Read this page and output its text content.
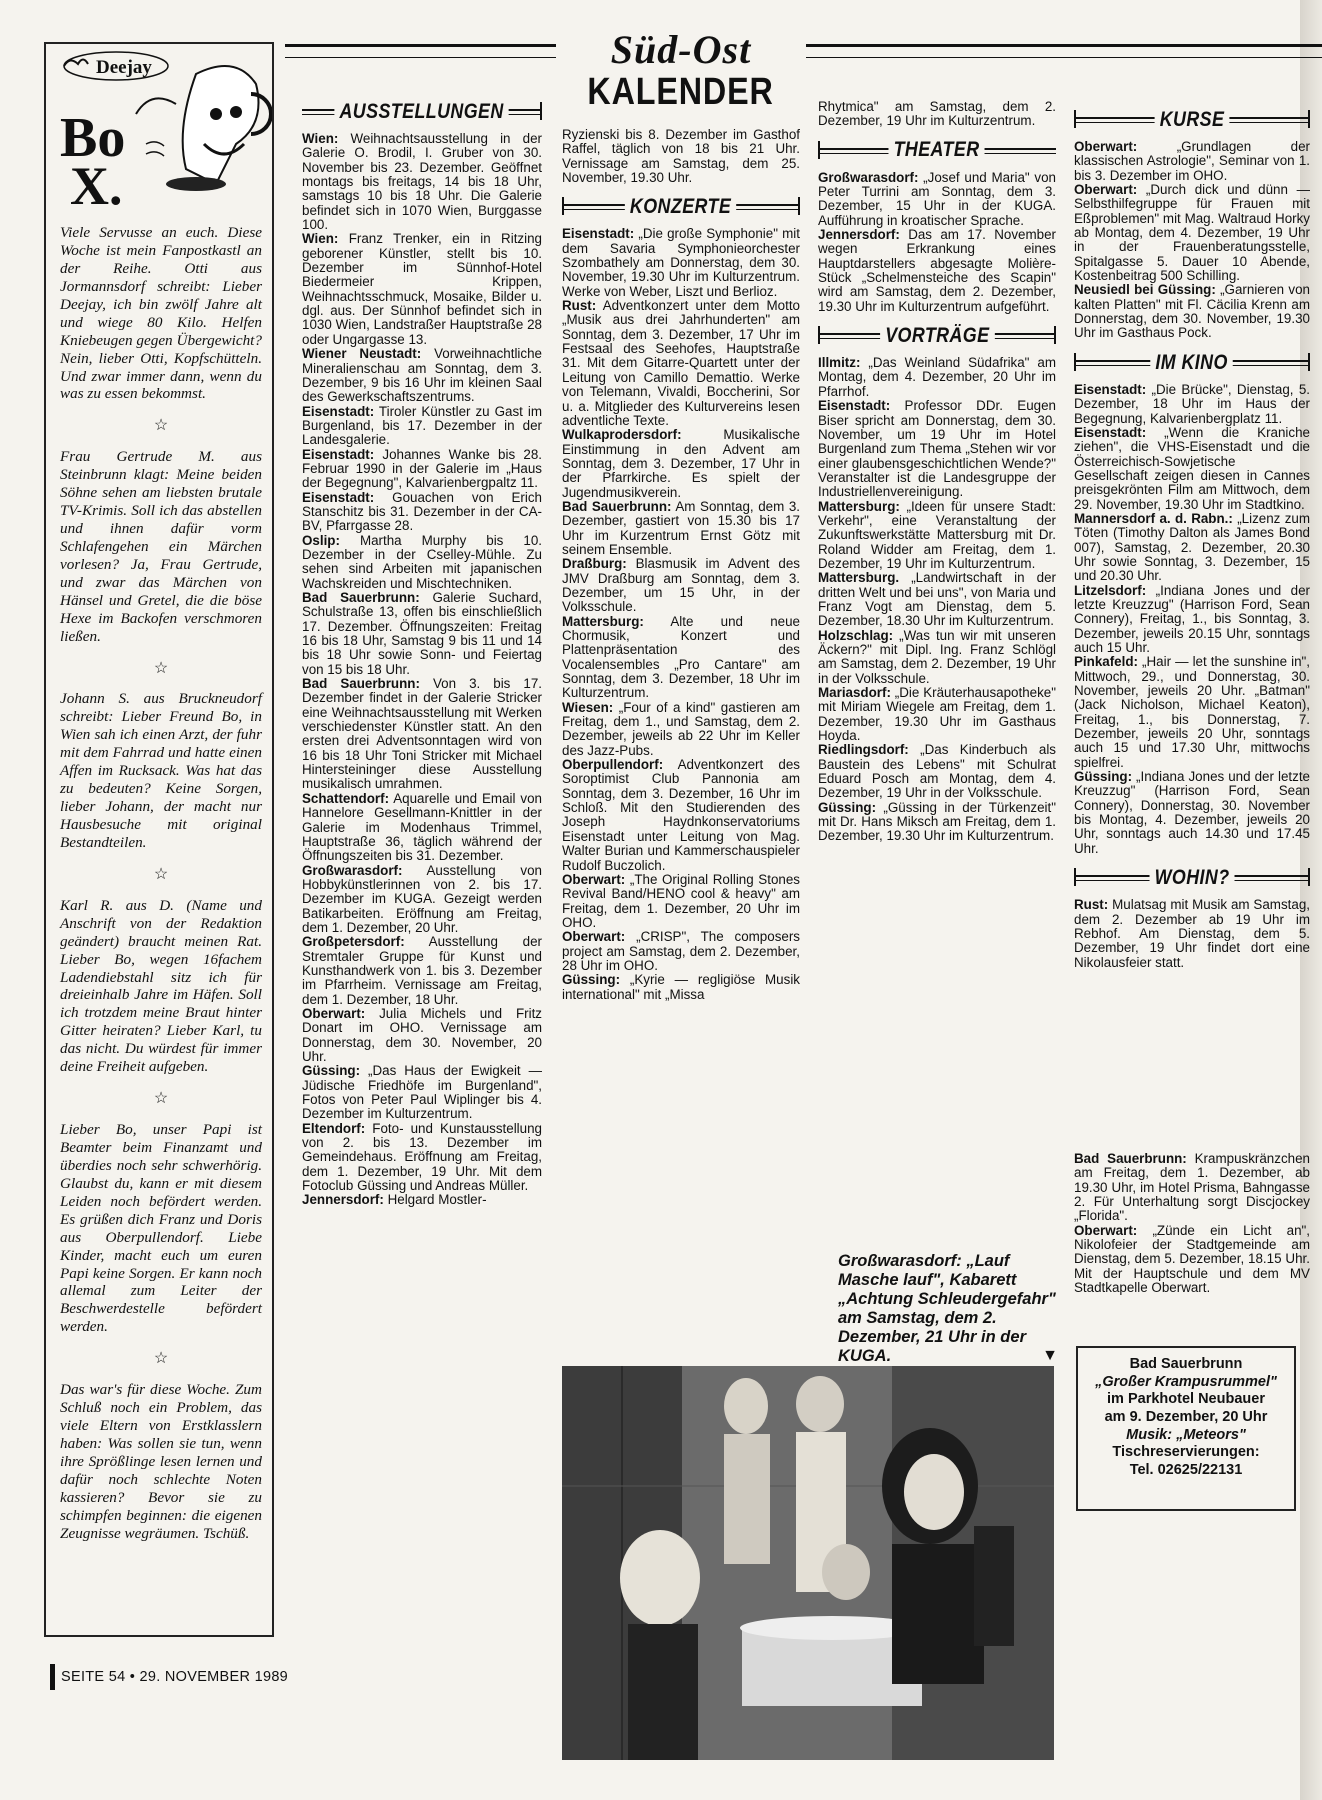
Deejay
Bo
X.

Viele Servusse an euch. Diese Woche ist mein Fanpostkastl an der Reihe. Otti aus Jormannsdorf schreibt: Lieber Deejay, ich bin zwölf Jahre alt und wiege 80 Kilo. Helfen Kniebeugen gegen Übergewicht? Nein, lieber Otti, Kopfschütteln. Und zwar immer dann, wenn du was zu essen bekommst.

☆

Frau Gertrude M. aus Steinbrunn klagt: Meine beiden Söhne sehen am liebsten brutale TV-Krimis. Soll ich das abstellen und ihnen dafür vorm Schlafengehen ein Märchen vorlesen? Ja, Frau Gertrude, und zwar das Märchen von Hänsel und Gretel, die die böse Hexe im Backofen verschmoren ließen.

☆

Johann S. aus Bruckneudorf schreibt: Lieber Freund Bo, in Wien sah ich einen Arzt, der fuhr mit dem Fahrrad und hatte einen Affen im Rucksack. Was hat das zu bedeuten? Keine Sorgen, lieber Johann, der macht nur Hausbesuche mit original Bestandteilen.

☆

Karl R. aus D. (Name und Anschrift von der Redaktion geändert) braucht meinen Rat. Lieber Bo, wegen 16fachem Ladendiebstahl sitz ich für dreieinhalb Jahre im Häfen. Soll ich trotzdem meine Braut hinter Gitter heiraten? Lieber Karl, tu das nicht. Du würdest für immer deine Freiheit aufgeben.

☆

Lieber Bo, unser Papi ist Beamter beim Finanzamt und überdies noch sehr schwerhörig. Glaubst du, kann er mit diesem Leiden noch befördert werden. Es grüßen dich Franz und Doris aus Oberpullendorf. Liebe Kinder, macht euch um euren Papi keine Sorgen. Er kann noch allemal zum Leiter der Beschwerdestelle befördert werden.

☆

Das war's für diese Woche. Zum Schluß noch ein Problem, das viele Eltern von Erstklasslern haben: Was sollen sie tun, wenn ihre Sprößlinge lesen lernen und dafür noch schlechte Noten kassieren? Bevor sie zu schimpfen beginnen: die eigenen Zeugnisse wegräumen. Tschüß.

SEITE 54 • 29. NOVEMBER 1989
Süd-Ost
KALENDER
AUSSTELLUNGEN

Wien: Weihnachtsausstellung in der Galerie O. Brodil, I. Gruber von 30. November bis 23. Dezember. Geöffnet montags bis freitags, 14 bis 18 Uhr, samstags 10 bis 18 Uhr. Die Galerie befindet sich in 1070 Wien, Burggasse 100.

Wien: Franz Trenker, ein in Ritzing geborener Künstler, stellt bis 10. Dezember im Sünnhof-Hotel Biedermeier Krippen, Weihnachtsschmuck, Mosaike, Bilder u. dgl. aus. Der Sünnhof befindet sich in 1030 Wien, Landstraßer Hauptstraße 28 oder Ungargasse 13.

Wiener Neustadt: Vorweihnachtliche Mineralienschau am Sonntag, dem 3. Dezember, 9 bis 16 Uhr im kleinen Saal des Gewerkschaftszentrums.

Eisenstadt: Tiroler Künstler zu Gast im Burgenland, bis 17. Dezember in der Landesgalerie.

Eisenstadt: Johannes Wanke bis 28. Februar 1990 in der Galerie im „Haus der Begegnung", Kalvarienbergpaltz 11.

Eisenstadt: Gouachen von Erich Stanschitz bis 31. Dezember in der CA-BV, Pfarrgasse 28.

Oslip: Martha Murphy bis 10. Dezember in der Cselley-Mühle. Zu sehen sind Arbeiten mit japanischen Wachskreiden und Mischtechniken.

Bad Sauerbrunn: Galerie Suchard, Schulstraße 13, offen bis einschließlich 17. Dezember. Öffnungszeiten: Freitag 16 bis 18 Uhr, Samstag 9 bis 11 und 14 bis 18 Uhr sowie Sonn- und Feiertag von 15 bis 18 Uhr.

Bad Sauerbrunn: Von 3. bis 17. Dezember findet in der Galerie Stricker eine Weihnachtsausstellung mit Werken verschiedenster Künstler statt. An den ersten drei Adventsonntagen wird von 16 bis 18 Uhr Toni Stricker mit Michael Hintersteininger diese Ausstellung musikalisch umrahmen.

Schattendorf: Aquarelle und Email von Hannelore Gesellmann-Knittler in der Galerie im Modenhaus Trimmel, Hauptstraße 36, täglich während der Öffnungszeiten bis 31. Dezember.

Großwarasdorf: Ausstellung von Hobbykünstlerinnen von 2. bis 17. Dezember im KUGA. Gezeigt werden Batikarbeiten. Eröffnung am Freitag, dem 1. Dezember, 20 Uhr.

Großpetersdorf: Ausstellung der Stremtaler Gruppe für Kunst und Kunsthandwerk von 1. bis 3. Dezember im Pfarrheim. Vernissage am Freitag, dem 1. Dezember, 18 Uhr.

Oberwart: Julia Michels und Fritz Donart im OHO. Vernissage am Donnerstag, dem 30. November, 20 Uhr.

Güssing: „Das Haus der Ewigkeit — Jüdische Friedhöfe im Burgenland", Fotos von Peter Paul Wiplinger bis 4. Dezember im Kulturzentrum.

Eltendorf: Foto- und Kunstausstellung von 2. bis 13. Dezember im Gemeindehaus. Eröffnung am Freitag, dem 1. Dezember, 19 Uhr. Mit dem Fotoclub Güssing und Andreas Müller.

Jennersdorf: Helgard Mostler-

Ryzienski bis 8. Dezember im Gasthof Raffel, täglich von 18 bis 21 Uhr. Vernissage am Samstag, dem 25. November, 19.30 Uhr.

KONZERTE

Eisenstadt: „Die große Symphonie" mit dem Savaria Symphonieorchester Szombathely am Donnerstag, dem 30. November, 19.30 Uhr im Kulturzentrum. Werke von Weber, Liszt und Berlioz.

Rust: Adventkonzert unter dem Motto „Musik aus drei Jahrhunderten" am Sonntag, dem 3. Dezember, 17 Uhr im Festsaal des Seehofes, Hauptstraße 31. Mit dem Gitarre-Quartett unter der Leitung von Camillo Demattio. Werke von Telemann, Vivaldi, Boccherini, Sor u. a. Mitglieder des Kulturvereins lesen adventliche Texte.

Wulkaprodersdorf: Musikalische Einstimmung in den Advent am Sonntag, dem 3. Dezember, 17 Uhr in der Pfarrkirche. Es spielt der Jugendmusikverein.

Bad Sauerbrunn: Am Sonntag, dem 3. Dezember, gastiert von 15.30 bis 17 Uhr im Kurzentrum Ernst Götz mit seinem Ensemble.

Draßburg: Blasmusik im Advent des JMV Draßburg am Sonntag, dem 3. Dezember, um 15 Uhr, in der Volksschule.

Mattersburg: Alte und neue Chormusik, Konzert und Plattenpräsentation des Vocalensembles „Pro Cantare" am Sonntag, dem 3. Dezember, 18 Uhr im Kulturzentrum.

Wiesen: „Four of a kind" gastieren am Freitag, dem 1., und Samstag, dem 2. Dezember, jeweils ab 22 Uhr im Keller des Jazz-Pubs.

Oberpullendorf: Adventkonzert des Soroptimist Club Pannonia am Sonntag, dem 3. Dezember, 16 Uhr im Schloß. Mit den Studierenden des Joseph Haydnkonservatoriums Eisenstadt unter Leitung von Mag. Walter Burian und Kammerschauspieler Rudolf Buczolich.

Oberwart: „The Original Rolling Stones Revival Band/HENO cool & heavy" am Freitag, dem 1. Dezember, 20 Uhr im OHO.

Oberwart: „CRISP", The composers project am Samstag, dem 2. Dezember, 28 Uhr im OHO.

Güssing: „Kyrie — regligiöse Musik international" mit „Missa

Rhytmica" am Samstag, dem 2. Dezember, 19 Uhr im Kulturzentrum.

THEATER

Großwarasdorf: „Josef und Maria" von Peter Turrini am Sonntag, dem 3. Dezember, 15 Uhr in der KUGA. Aufführung in kroatischer Sprache.

Jennersdorf: Das am 17. November wegen Erkrankung eines Hauptdarstellers abgesagte Molière-Stück „Schelmensteiche des Scapin" wird am Samstag, dem 2. Dezember, 19.30 Uhr im Kulturzentrum aufgeführt.

VORTRÄGE

Illmitz: „Das Weinland Südafrika" am Montag, dem 4. Dezember, 20 Uhr im Pfarrhof.

Eisenstadt: Professor DDr. Eugen Biser spricht am Donnerstag, dem 30. November, um 19 Uhr im Hotel Burgenland zum Thema „Stehen wir vor einer glaubensgeschichtlichen Wende?" Veranstalter ist die Landesgruppe der Industriellenvereinigung.

Mattersburg: „Ideen für unsere Stadt: Verkehr", eine Veranstaltung der Zukunftswerkstätte Mattersburg mit Dr. Roland Widder am Freitag, dem 1. Dezember, 19 Uhr im Kulturzentrum.

Mattersburg. „Landwirtschaft in der dritten Welt und bei uns", von Maria und Franz Vogt am Dienstag, dem 5. Dezember, 18.30 Uhr im Kulturzentrum.

Holzschlag: „Was tun wir mit unseren Äckern?" mit Dipl. Ing. Franz Schlögl am Samstag, dem 2. Dezember, 19 Uhr in der Volksschule.

Mariasdorf: „Die Kräuterhausapotheke" mit Miriam Wiegele am Freitag, dem 1. Dezember, 19.30 Uhr im Gasthaus Hoyda.

Riedlingsdorf: „Das Kinderbuch als Baustein des Lebens" mit Schulrat Eduard Posch am Montag, dem 4. Dezember, 19 Uhr in der Volksschule.

Güssing: „Güssing in der Türkenzeit" mit Dr. Hans Miksch am Freitag, dem 1. Dezember, 19.30 Uhr im Kulturzentrum.

Großwarasdorf: „Lauf Masche lauf", Kabarett „Achtung Schleudergefahr" am Samstag, dem 2. Dezember, 21 Uhr in der KUGA.	▼
KURSE

Oberwart: „Grundlagen der klassischen Astrologie", Seminar von 1. bis 3. Dezember im OHO.

Oberwart: „Durch dick und dünn — Selbsthilfegruppe für Frauen mit Eßproblemen" mit Mag. Waltraud Horky ab Montag, dem 4. Dezember, 19 Uhr in der Frauenberatungsstelle, Spitalgasse 5. Dauer 10 Abende, Kostenbeitrag 500 Schilling.

Neusiedl bei Güssing: „Garnieren von kalten Platten" mit Fl. Cäcilia Krenn am Donnerstag, dem 30. November, 19.30 Uhr im Gasthaus Pock.

IM KINO

Eisenstadt: „Die Brücke", Dienstag, 5. Dezember, 18 Uhr im Haus der Begegnung, Kalvarienbergplatz 11.

Eisenstadt: „Wenn die Kraniche ziehen", die VHS-Eisenstadt und die Österreichisch-Sowjetische Gesellschaft zeigen diesen in Cannes preisgekrönten Film am Mittwoch, dem 29. November, 19.30 Uhr im Stadtkino.

Mannersdorf a. d. Rabn.: „Lizenz zum Töten (Timothy Dalton als James Bond 007), Samstag, 2. Dezember, 20.30 Uhr sowie Sonntag, 3. Dezember, 15 und 20.30 Uhr.

Litzelsdorf: „Indiana Jones und der letzte Kreuzzug" (Harrison Ford, Sean Connery), Freitag, 1., bis Sonntag, 3. Dezember, jeweils 20.15 Uhr, sonntags auch 15 Uhr.

Pinkafeld: „Hair — let the sunshine in", Mittwoch, 29., und Donnerstag, 30. November, jeweils 20 Uhr. „Batman" (Jack Nicholson, Michael Keaton), Freitag, 1., bis Donnerstag, 7. Dezember, jeweils 20 Uhr, sonntags auch 15 und 17.30 Uhr, mittwochs spielfrei.

Güssing: „Indiana Jones und der letzte Kreuzzug" (Harrison Ford, Sean Connery), Donnerstag, 30. November bis Montag, 4. Dezember, jeweils 20 Uhr, sonntags auch 14.30 und 17.45 Uhr.

WOHIN?

Rust: Mulatsag mit Musik am Samstag, dem 2. Dezember ab 19 Uhr im Rebhof. Am Dienstag, dem 5. Dezember, 19 Uhr findet dort eine Nikolausfeier statt.

Bad Sauerbrunn: Krampuskränzchen am Freitag, dem 1. Dezember, ab 19.30 Uhr, im Hotel Prisma, Bahngasse 2. Für Unterhaltung sorgt Discjockey „Florida".

Oberwart: „Zünde ein Licht an", Nikolofeier der Stadtgemeinde am Dienstag, dem 5. Dezember, 18.15 Uhr. Mit der Hauptschule und dem MV Stadtkapelle Oberwart.

Bad Sauerbrunn
„Großer Krampusrummel"
im Parkhotel Neubauer
am 9. Dezember, 20 Uhr
Musik: „Meteors"
Tischreservierungen:
Tel. 02625/22131
